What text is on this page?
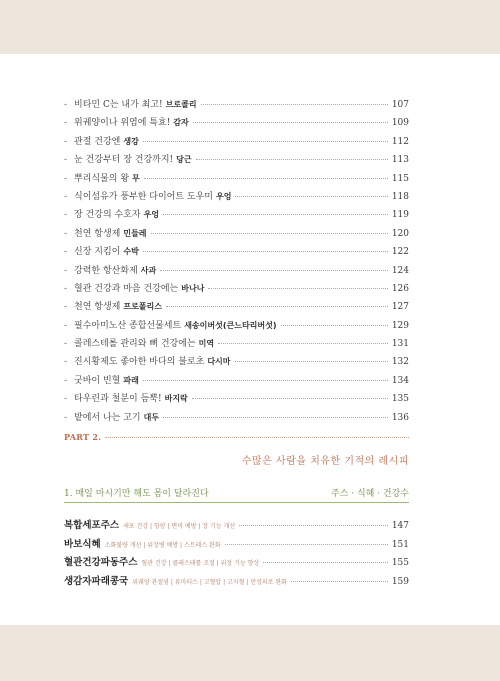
- 비타민 C는 내가 최고! 브로콜리	107
- 위궤양이나 위염에 특효! 감자	109
- 관절 건강엔 생강	112
- 눈 건강부터 장 건강까지! 당근	113
- 뿌리식물의 왕 무	115
- 식이섬유가 풍부한 다이어트 도우미 우엉	118
- 장 건강의 수호자 우엉	119
- 천연 항생제 민들레	120
- 신장 지킴이 수박	122
- 강력한 항산화제 사과	124
- 혈관 건강과 마음 건강에는 바나나	126
- 천연 항생제 프로폴리스	127
- 필수아미노산 종합선물세트 새송이버섯(큰느타리버섯)	129
- 콜레스테롤 관리와 뼈 건강에는 미역	131
- 진시황제도 좋아한 바다의 불로초 다시마	132
- 굿바이 빈혈 파래	134
- 타우린과 철분이 듬뿍! 바지락	135
- 밭에서 나는 고기 대두	136
PART 2.
수많은 사람을 치유한 기적의 레시피
1. 매일 마시기만 해도 몸이 달라진다	주스 · 식혜 · 건강수
복합세포주스 세포 건강 | 항암 | 변비 예방 | 장 기능 개선	147
바보식혜 소화불량 개선 | 위장병 예방 | 스트레스 완화	151
혈관건강파동주스 혈관 건강 | 콜레스테롤 조절 | 위장 기능 향상	155
생감자파래콩국 위궤양 관절염 | 류마티스 | 고혈압 | 고지혈 | 만성피로 완화	159
